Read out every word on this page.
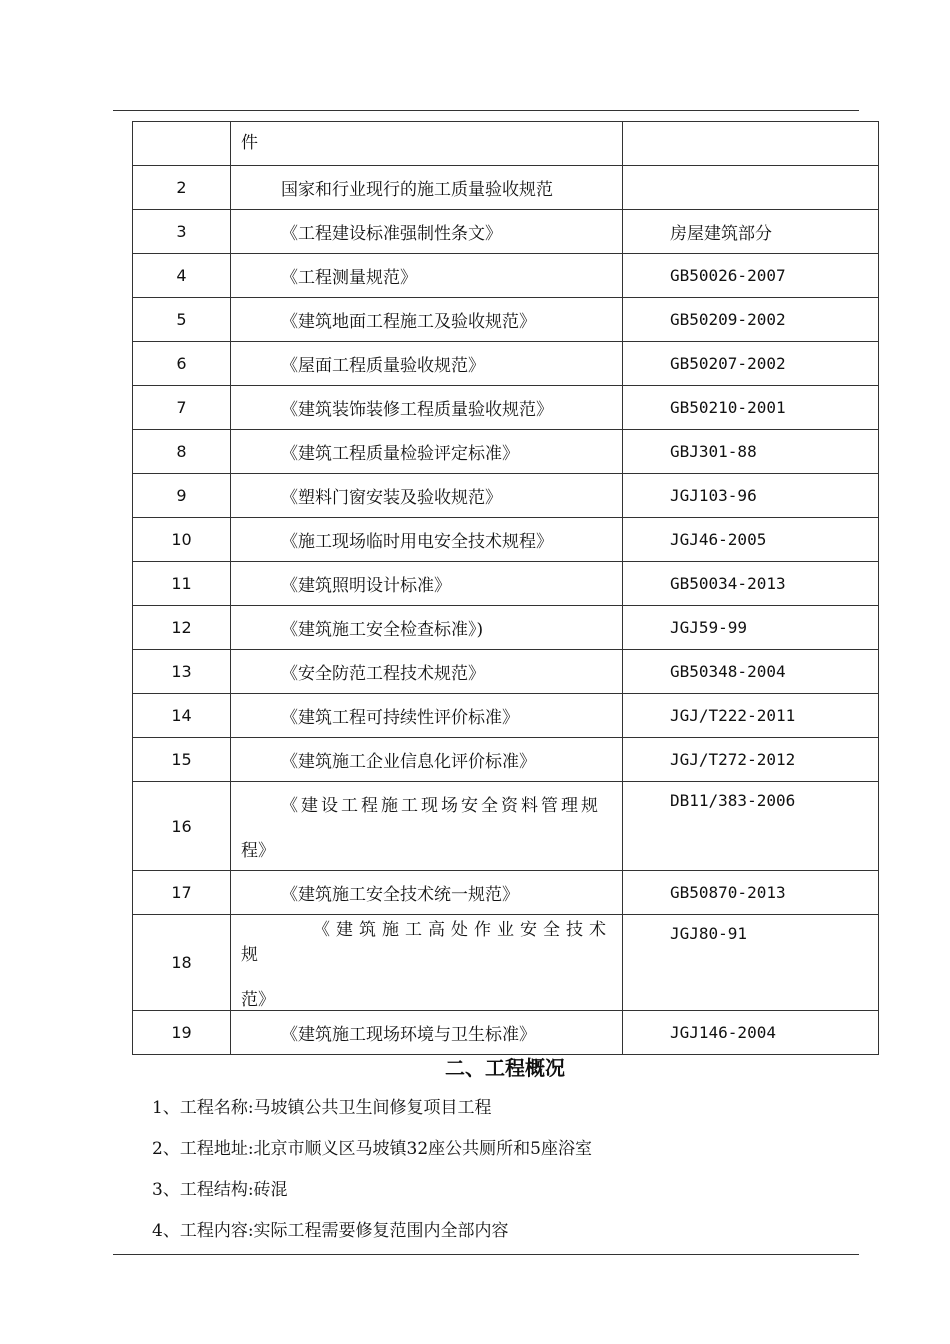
	件	
2	国家和行业现行的施工质量验收规范	

3	《工程建设标准强制性条文》	房屋建筑部分
4	《工程测量规范》	GB50026-2007
5	《建筑地面工程施工及验收规范》	GB50209-2002
6	《屋面工程质量验收规范》	GB50207-2002
7	《建筑装饰装修工程质量验收规范》	GB50210-2001
8	《建筑工程质量检验评定标准》	GBJ301-88
9	《塑料门窗安装及验收规范》	JGJ103-96
10	《施工现场临时用电安全技术规程》	JGJ46-2005
11	《建筑照明设计标准》	GB50034-2013
12	《建筑施工安全检查标准》)	JGJ59-99
13	《安全防范工程技术规范》	GB50348-2004
14	《建筑工程可持续性评价标准》	JGJ/T222-2011
15	《建筑施工企业信息化评价标准》	JGJ/T272-2012
16	《建设工程施工现场安全资料管理规
程》	DB11/383-2006
17	《建筑施工安全技术统一规范》	GB50870-2013
18	《建筑施工高处作业安全技术规
范》	JGJ80-91
19	《建筑施工现场环境与卫生标准》	JGJ146-2004
二、工程概况
1、工程名称:马坡镇公共卫生间修复项目工程
2、工程地址:北京市顺义区马坡镇32座公共厕所和5座浴室
3、工程结构:砖混
4、工程内容:实际工程需要修复范围内全部内容
